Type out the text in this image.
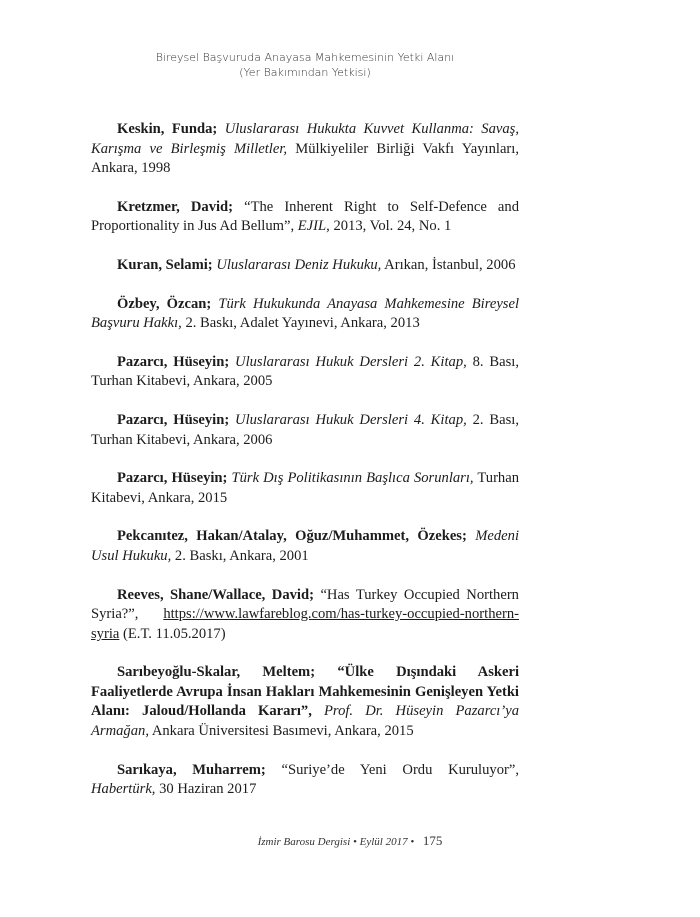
Bireysel Başvuruda Anayasa Mahkemesinin Yetki Alanı
(Yer Bakımından Yetkisi)

Keskin, Funda; Uluslararası Hukukta Kuvvet Kullanma: Savaş, Karışma ve Birleşmiş Milletler, Mülkiyeliler Birliği Vakfı Yayınları, Ankara, 1998

Kretzmer, David; “The Inherent Right to Self-Defence and Proportionality in Jus Ad Bellum”, EJIL, 2013, Vol. 24, No. 1

Kuran, Selami; Uluslararası Deniz Hukuku, Arıkan, İstanbul, 2006

Özbey, Özcan; Türk Hukukunda Anayasa Mahkemesine Bireysel Başvuru Hakkı, 2. Baskı, Adalet Yayınevi, Ankara, 2013

Pazarcı, Hüseyin; Uluslararası Hukuk Dersleri 2. Kitap, 8. Bası, Turhan Kitabevi, Ankara, 2005

Pazarcı, Hüseyin; Uluslararası Hukuk Dersleri 4. Kitap, 2. Bası, Turhan Kitabevi, Ankara, 2006

Pazarcı, Hüseyin; Türk Dış Politikasının Başlıca Sorunları, Turhan Kitabevi, Ankara, 2015

Pekcanıtez, Hakan/Atalay, Oğuz/Muhammet, Özekes; Medeni Usul Hukuku, 2. Baskı, Ankara, 2001

Reeves, Shane/Wallace, David; “Has Turkey Occupied Northern Syria?”, https://www.lawfareblog.com/has-turkey-occupied-northern-syria (E.T. 11.05.2017)

Sarıbeyoğlu-Skalar, Meltem; “Ülke Dışındaki Askeri Faaliyetlerde Avrupa İnsan Hakları Mahkemesinin Genişleyen Yetki Alanı: Jaloud/Hollanda Kararı”, Prof. Dr. Hüseyin Pazarcı’ya Armağan, Ankara Üniversitesi Basımevi, Ankara, 2015

Sarıkaya, Muharrem; “Suriye’de Yeni Ordu Kuruluyor”, Habertürk, 30 Haziran 2017

İzmir Barosu Dergisi • Eylül 2017 • 175
